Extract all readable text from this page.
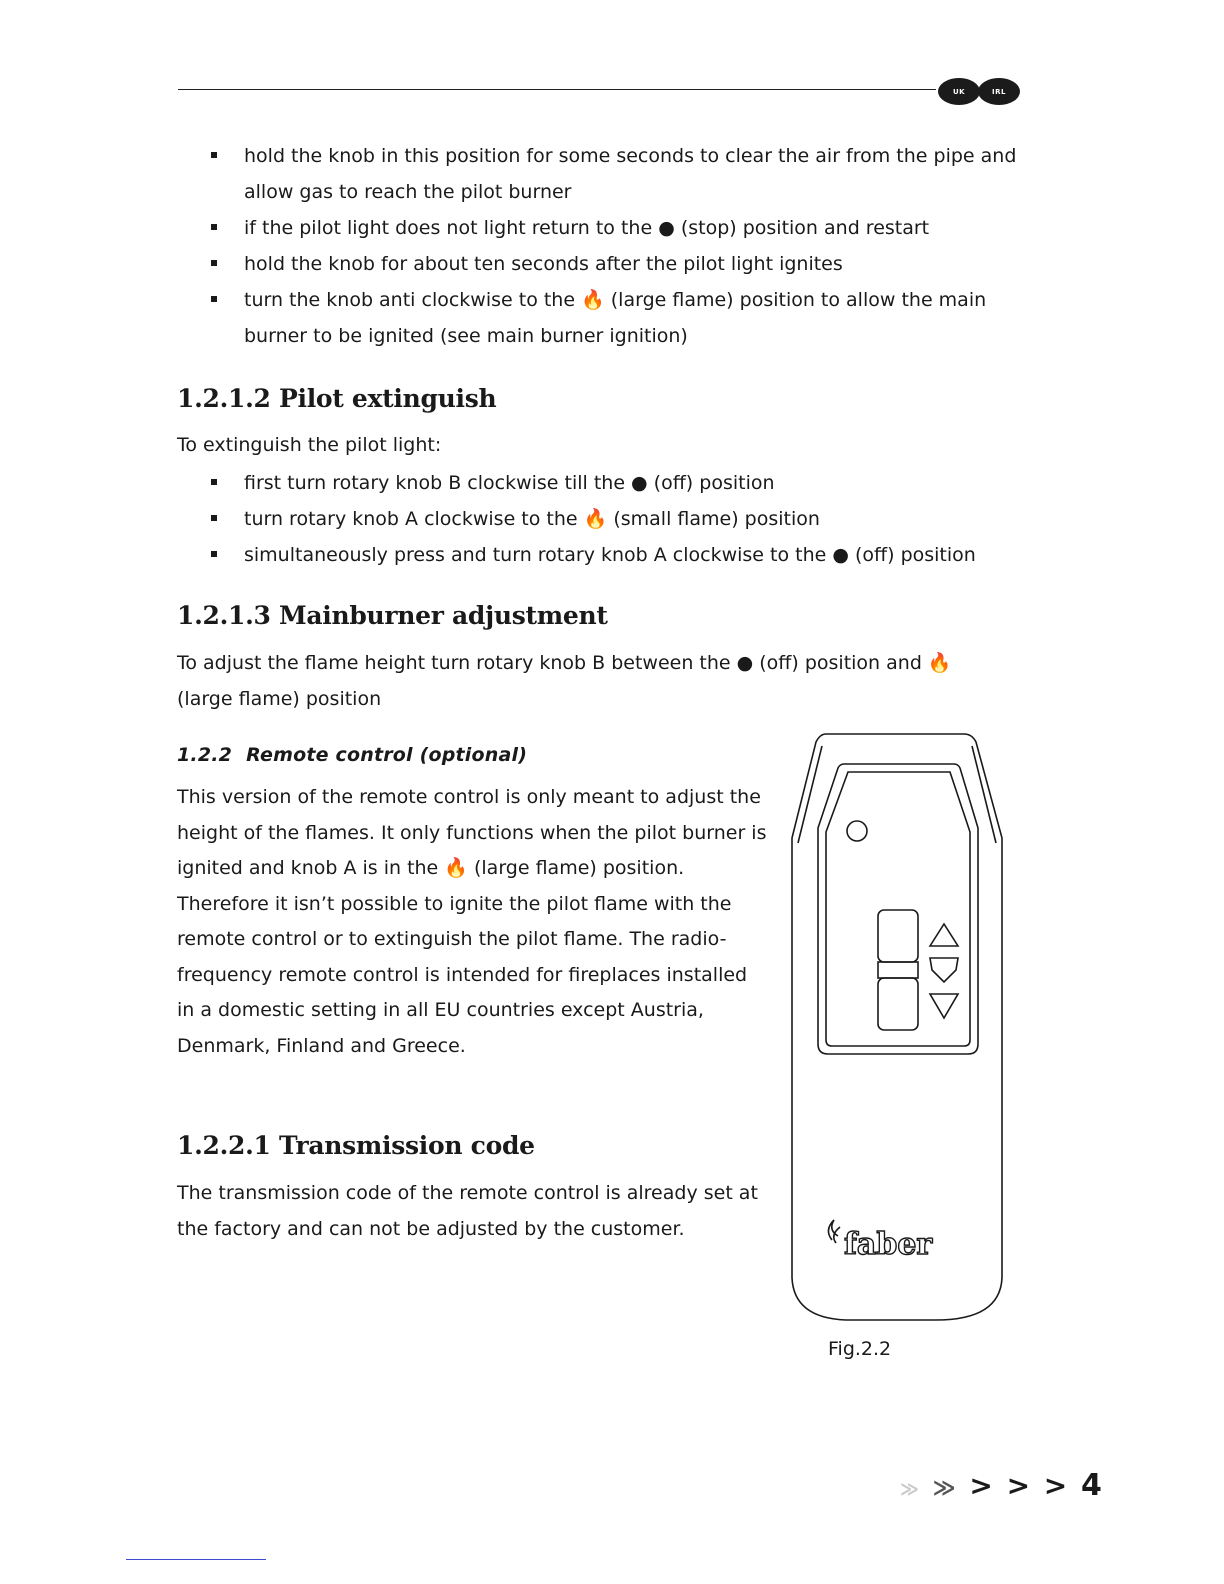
UK	IRL
hold the knob in this position for some seconds to clear the air from the pipe and allow gas to reach the pilot burner
if the pilot light does not light return to the ● (stop) position and restart
hold the knob for about ten seconds after the pilot light ignites
turn the knob anti clockwise to the 🔥 (large flame) position to allow the main burner to be ignited (see main burner ignition)
1.2.1.2 Pilot extinguish

To extinguish the pilot light:

first turn rotary knob B clockwise till the ● (off) position
turn rotary knob A clockwise to the 🔥 (small flame) position
simultaneously press and turn rotary knob A clockwise to the ● (off) position
1.2.1.3 Mainburner adjustment

To adjust the flame height turn rotary knob B between the ● (off) position and 🔥 (large flame) position

1.2.2 Remote control (optional)

This version of the remote control is only meant to adjust the height of the flames. It only functions when the pilot burner is ignited and knob A is in the 🔥 (large flame) position. Therefore it isn’t possible to ignite the pilot flame with the remote control or to extinguish the pilot flame. The radio-frequency remote control is intended for fireplaces installed in a domestic setting in all EU countries except Austria, Denmark, Finland and Greece.

1.2.2.1 Transmission code

The transmission code of the remote control is already set at the factory and can not be adjusted by the customer.	faber
Fig.2.2
≫ ≫ > > > 4
